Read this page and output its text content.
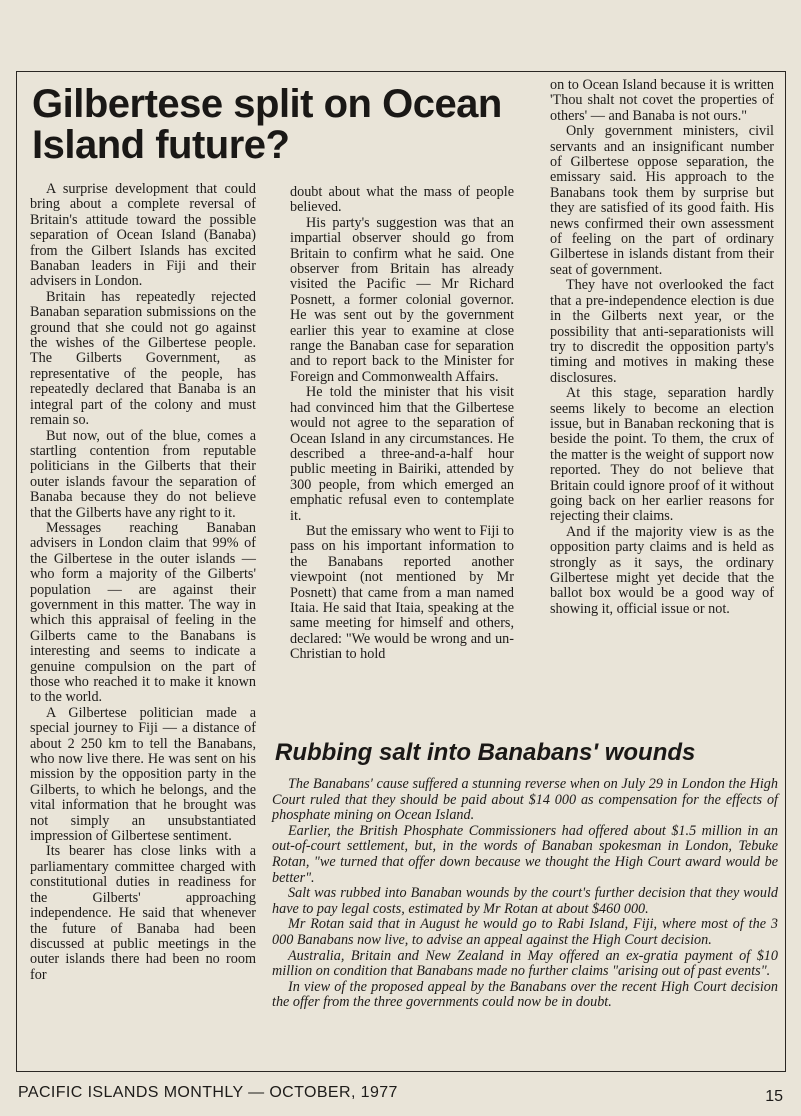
Gilbertese split on Ocean Island future?

A surprise development that could bring about a complete reversal of Britain's attitude toward the possible separation of Ocean Island (Banaba) from the Gilbert Islands has excited Banaban leaders in Fiji and their advisers in London.

Britain has repeatedly rejected Banaban separation submissions on the ground that she could not go against the wishes of the Gilbertese people. The Gilberts Government, as representative of the people, has repeatedly declared that Banaba is an integral part of the colony and must remain so.

But now, out of the blue, comes a startling contention from reputable politicians in the Gilberts that their outer islands favour the separation of Banaba because they do not believe that the Gilberts have any right to it.

Messages reaching Banaban advisers in London claim that 99% of the Gilbertese in the outer islands — who form a majority of the Gilberts' population — are against their government in this matter. The way in which this appraisal of feeling in the Gilberts came to the Banabans is interesting and seems to indicate a genuine compulsion on the part of those who reached it to make it known to the world.

A Gilbertese politician made a special journey to Fiji — a distance of about 2 250 km to tell the Banabans, who now live there. He was sent on his mission by the opposition party in the Gilberts, to which he belongs, and the vital information that he brought was not simply an unsubstantiated impression of Gilbertese sentiment.

Its bearer has close links with a parliamentary committee charged with constitutional duties in readiness for the Gilberts' approaching independence. He said that whenever the future of Banaba had been discussed at public meetings in the outer islands there had been no room for

doubt about what the mass of people believed.

His party's suggestion was that an impartial observer should go from Britain to confirm what he said. One observer from Britain has already visited the Pacific — Mr Richard Posnett, a former colonial governor. He was sent out by the government earlier this year to examine at close range the Banaban case for separation and to report back to the Minister for Foreign and Commonwealth Affairs.

He told the minister that his visit had convinced him that the Gilbertese would not agree to the separation of Ocean Island in any circumstances. He described a three-and-a-half hour public meeting in Bairiki, attended by 300 people, from which emerged an emphatic refusal even to contemplate it.

But the emissary who went to Fiji to pass on his important information to the Banabans reported another viewpoint (not mentioned by Mr Posnett) that came from a man named Itaia. He said that Itaia, speaking at the same meeting for himself and others, declared: "We would be wrong and un-Christian to hold

on to Ocean Island because it is written 'Thou shalt not covet the properties of others' — and Banaba is not ours."

Only government ministers, civil servants and an insignificant number of Gilbertese oppose separation, the emissary said. His approach to the Banabans took them by surprise but they are satisfied of its good faith. His news confirmed their own assessment of feeling on the part of ordinary Gilbertese in islands distant from their seat of government.

They have not overlooked the fact that a pre-independence election is due in the Gilberts next year, or the possibility that anti-separationists will try to discredit the opposition party's timing and motives in making these disclosures.

At this stage, separation hardly seems likely to become an election issue, but in Banaban reckoning that is beside the point. To them, the crux of the matter is the weight of support now reported. They do not believe that Britain could ignore proof of it without going back on her earlier reasons for rejecting their claims.

And if the majority view is as the opposition party claims and is held as strongly as it says, the ordinary Gilbertese might yet decide that the ballot box would be a good way of showing it, official issue or not.

Rubbing salt into Banabans' wounds

The Banabans' cause suffered a stunning reverse when on July 29 in London the High Court ruled that they should be paid about $14 000 as compensation for the effects of phosphate mining on Ocean Island.

Earlier, the British Phosphate Commissioners had offered about $1.5 million in an out-of-court settlement, but, in the words of Banaban spokesman in London, Tebuke Rotan, "we turned that offer down because we thought the High Court award would be better".

Salt was rubbed into Banaban wounds by the court's further decision that they would have to pay legal costs, estimated by Mr Rotan at about $460 000.

Mr Rotan said that in August he would go to Rabi Island, Fiji, where most of the 3 000 Banabans now live, to advise an appeal against the High Court decision.

Australia, Britain and New Zealand in May offered an ex-gratia payment of $10 million on condition that Banabans made no further claims "arising out of past events".

In view of the proposed appeal by the Banabans over the recent High Court decision the offer from the three governments could now be in doubt.

PACIFIC ISLANDS MONTHLY — OCTOBER, 1977	15
